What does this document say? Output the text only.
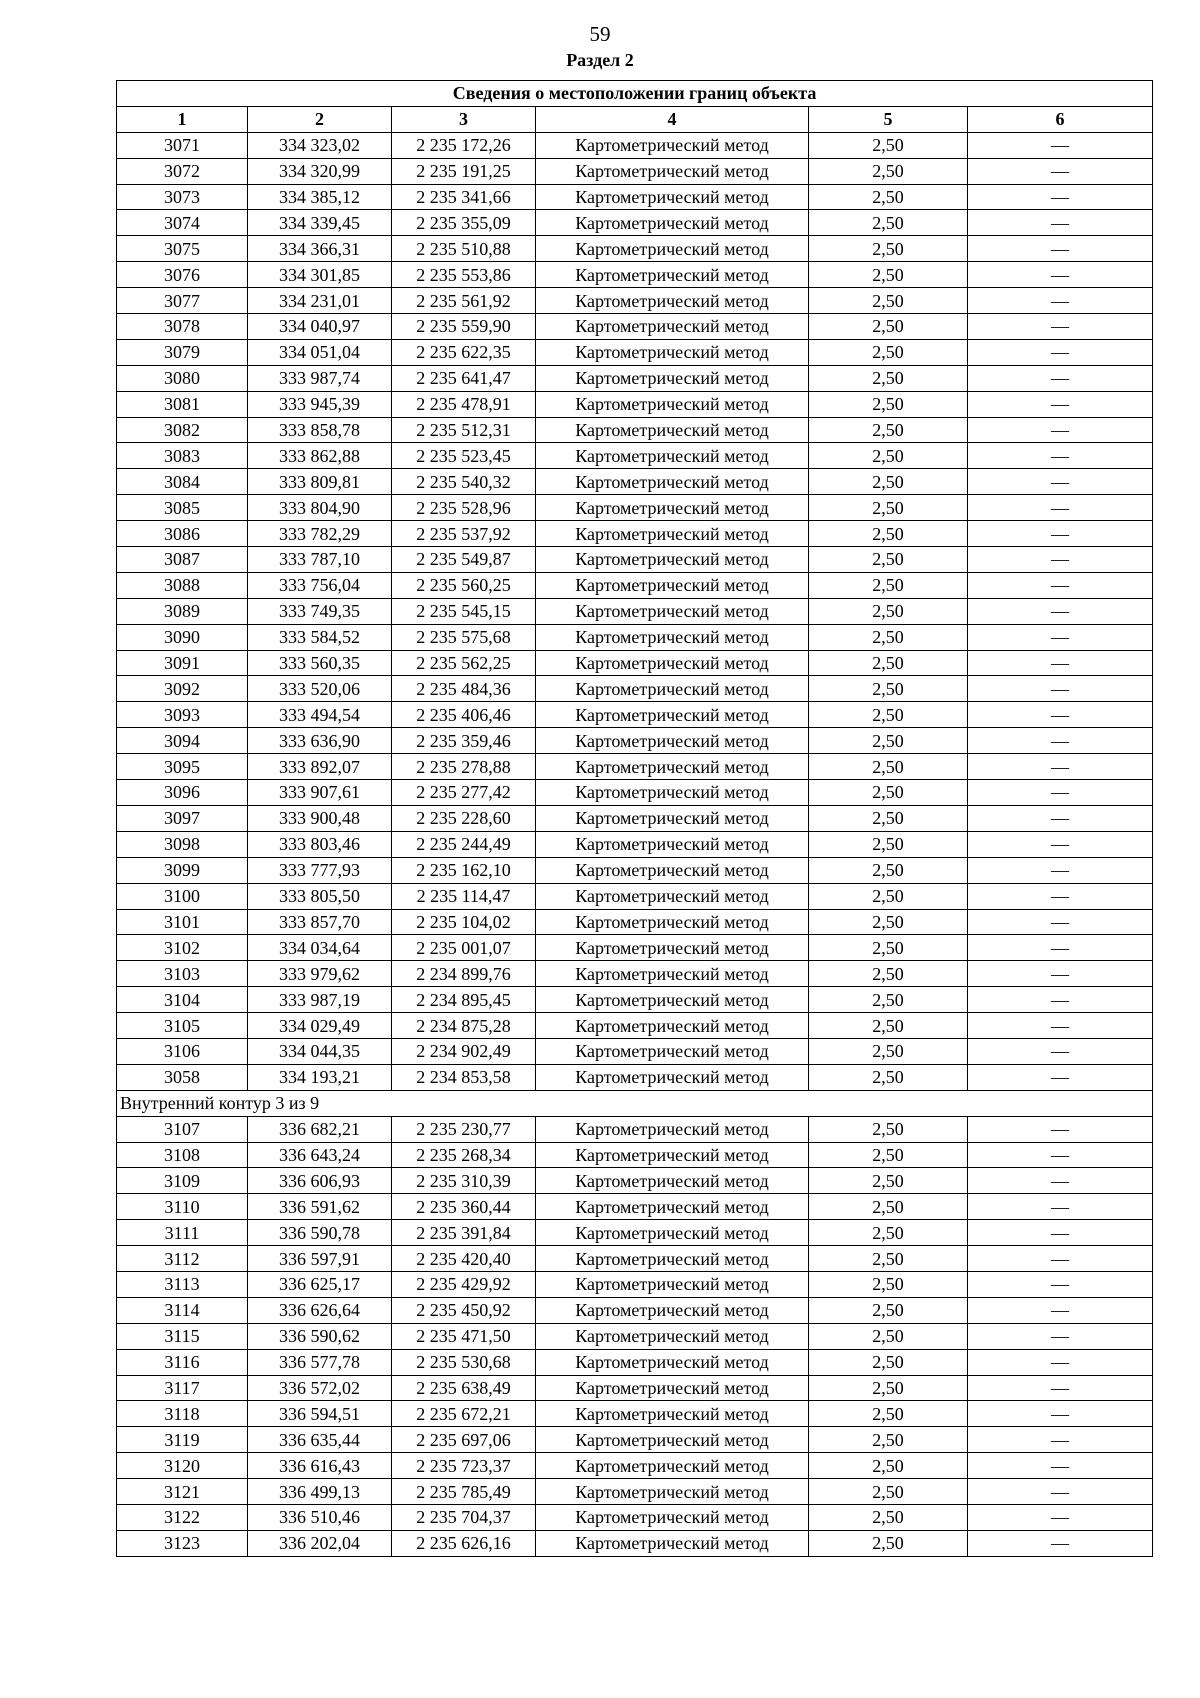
59
Раздел 2
Сведения о местоположении границ объекта					
1	2	3	4	5	6
3071	334 323,02	2 235 172,26	Картометрический метод	2,50	—
3072	334 320,99	2 235 191,25	Картометрический метод	2,50	—
3073	334 385,12	2 235 341,66	Картометрический метод	2,50	—
3074	334 339,45	2 235 355,09	Картометрический метод	2,50	—
3075	334 366,31	2 235 510,88	Картометрический метод	2,50	—
3076	334 301,85	2 235 553,86	Картометрический метод	2,50	—
3077	334 231,01	2 235 561,92	Картометрический метод	2,50	—
3078	334 040,97	2 235 559,90	Картометрический метод	2,50	—
3079	334 051,04	2 235 622,35	Картометрический метод	2,50	—
3080	333 987,74	2 235 641,47	Картометрический метод	2,50	—
3081	333 945,39	2 235 478,91	Картометрический метод	2,50	—
3082	333 858,78	2 235 512,31	Картометрический метод	2,50	—
3083	333 862,88	2 235 523,45	Картометрический метод	2,50	—
3084	333 809,81	2 235 540,32	Картометрический метод	2,50	—
3085	333 804,90	2 235 528,96	Картометрический метод	2,50	—
3086	333 782,29	2 235 537,92	Картометрический метод	2,50	—
3087	333 787,10	2 235 549,87	Картометрический метод	2,50	—
3088	333 756,04	2 235 560,25	Картометрический метод	2,50	—
3089	333 749,35	2 235 545,15	Картометрический метод	2,50	—
3090	333 584,52	2 235 575,68	Картометрический метод	2,50	—
3091	333 560,35	2 235 562,25	Картометрический метод	2,50	—
3092	333 520,06	2 235 484,36	Картометрический метод	2,50	—
3093	333 494,54	2 235 406,46	Картометрический метод	2,50	—
3094	333 636,90	2 235 359,46	Картометрический метод	2,50	—
3095	333 892,07	2 235 278,88	Картометрический метод	2,50	—
3096	333 907,61	2 235 277,42	Картометрический метод	2,50	—
3097	333 900,48	2 235 228,60	Картометрический метод	2,50	—
3098	333 803,46	2 235 244,49	Картометрический метод	2,50	—
3099	333 777,93	2 235 162,10	Картометрический метод	2,50	—
3100	333 805,50	2 235 114,47	Картометрический метод	2,50	—
3101	333 857,70	2 235 104,02	Картометрический метод	2,50	—
3102	334 034,64	2 235 001,07	Картометрический метод	2,50	—
3103	333 979,62	2 234 899,76	Картометрический метод	2,50	—
3104	333 987,19	2 234 895,45	Картометрический метод	2,50	—
3105	334 029,49	2 234 875,28	Картометрический метод	2,50	—
3106	334 044,35	2 234 902,49	Картометрический метод	2,50	—
3058	334 193,21	2 234 853,58	Картометрический метод	2,50	—
Внутренний контур 3 из 9					
3107	336 682,21	2 235 230,77	Картометрический метод	2,50	—
3108	336 643,24	2 235 268,34	Картометрический метод	2,50	—
3109	336 606,93	2 235 310,39	Картометрический метод	2,50	—
3110	336 591,62	2 235 360,44	Картометрический метод	2,50	—
3111	336 590,78	2 235 391,84	Картометрический метод	2,50	—
3112	336 597,91	2 235 420,40	Картометрический метод	2,50	—
3113	336 625,17	2 235 429,92	Картометрический метод	2,50	—
3114	336 626,64	2 235 450,92	Картометрический метод	2,50	—
3115	336 590,62	2 235 471,50	Картометрический метод	2,50	—
3116	336 577,78	2 235 530,68	Картометрический метод	2,50	—
3117	336 572,02	2 235 638,49	Картометрический метод	2,50	—
3118	336 594,51	2 235 672,21	Картометрический метод	2,50	—
3119	336 635,44	2 235 697,06	Картометрический метод	2,50	—
3120	336 616,43	2 235 723,37	Картометрический метод	2,50	—
3121	336 499,13	2 235 785,49	Картометрический метод	2,50	—
3122	336 510,46	2 235 704,37	Картометрический метод	2,50	—
3123	336 202,04	2 235 626,16	Картометрический метод	2,50	—
